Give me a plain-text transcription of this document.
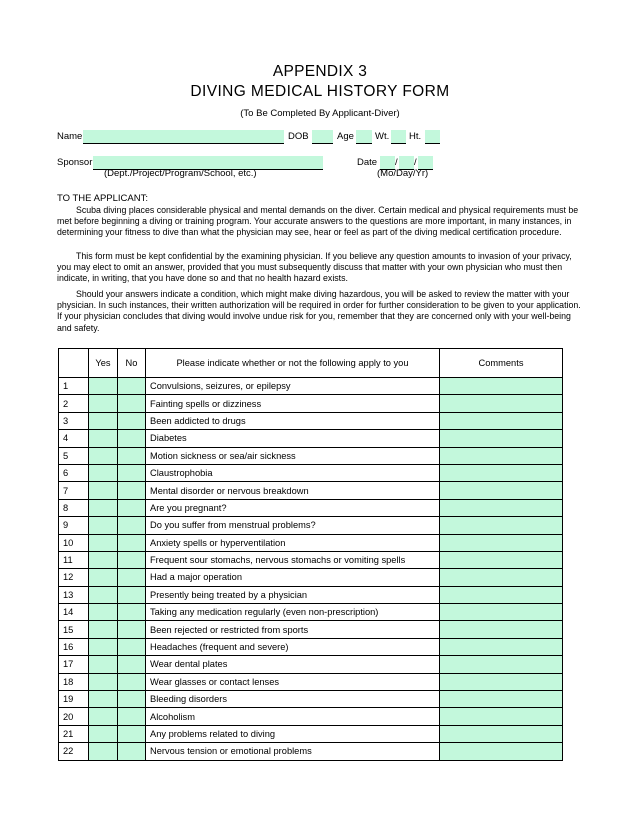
APPENDIX 3
DIVING MEDICAL HISTORY FORM
(To Be Completed By Applicant-Diver)
Name	DOB	Age Wt. Ht.
Sponsor	Date / /
(Dept./Project/Program/School, etc.)	(Mo/Day/Yr)
TO THE APPLICANT:

Scuba diving places considerable physical and mental demands on the diver. Certain medical and physical requirements must be met before beginning a diving or training program. Your accurate answers to the questions are more important, in many instances, in determining your fitness to dive than what the physician may see, hear or feel as part of the diving medical certification procedure.

This form must be kept confidential by the examining physician. If you believe any question amounts to invasion of your privacy, you may elect to omit an answer, provided that you must subsequently discuss that matter with your own physician who must then indicate, in writing, that you have done so and that no health hazard exists.

Should your answers indicate a condition, which might make diving hazardous, you will be asked to review the matter with your physician. In such instances, their written authorization will be required in order for further consideration to be given to your application. If your physician concludes that diving would involve undue risk for you, remember that they are concerned only with your well-being and safety.

	Yes	No	Please indicate whether or not the following apply to you	Comments
1			Convulsions, seizures, or epilepsy	
2			Fainting spells or dizziness	
3			Been addicted to drugs	
4			Diabetes	
5			Motion sickness or sea/air sickness	
6			Claustrophobia	
7			Mental disorder or nervous breakdown	
8			Are you pregnant?	
9			Do you suffer from menstrual problems?	
10			Anxiety spells or hyperventilation	
11			Frequent sour stomachs, nervous stomachs or vomiting spells	
12			Had a major operation	
13			Presently being treated by a physician	
14			Taking any medication regularly (even non-prescription)	
15			Been rejected or restricted from sports	
16			Headaches (frequent and severe)	
17			Wear dental plates	
18			Wear glasses or contact lenses	
19			Bleeding disorders	
20			Alcoholism	
21			Any problems related to diving	
22			Nervous tension or emotional problems	
